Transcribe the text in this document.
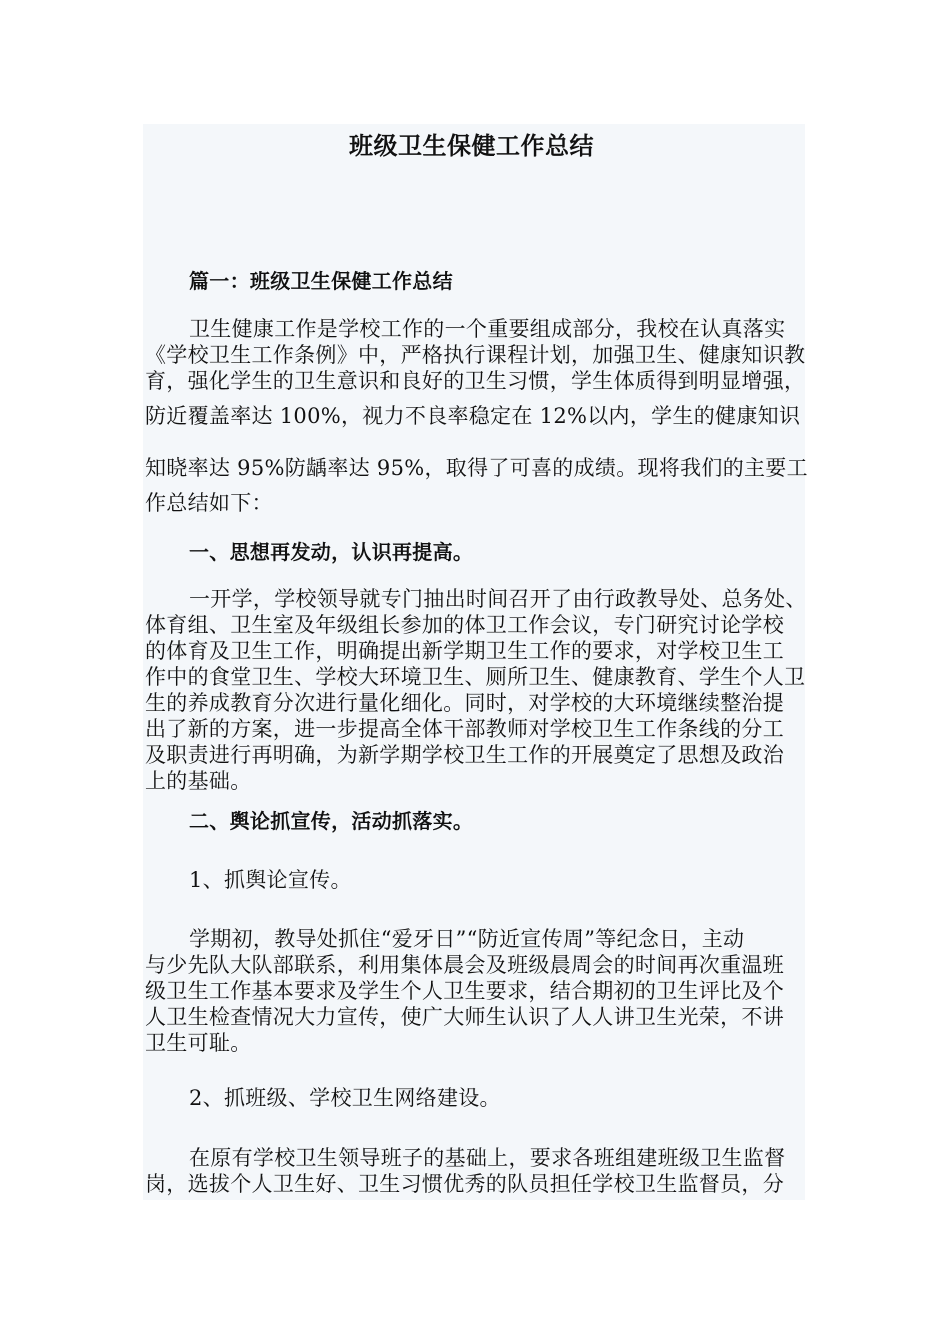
班级卫生保健工作总结
篇一：班级卫生保健工作总结
卫生健康工作是学校工作的一个重要组成部分，我校在认真落实
《学校卫生工作条例》中，严格执行课程计划，加强卫生、健康知识教
育，强化学生的卫生意识和良好的卫生习惯，学生体质得到明显增强，
防近覆盖率达 100%，视力不良率稳定在 12%以内，学生的健康知识
知晓率达 95%防龋率达 95%，取得了可喜的成绩。现将我们的主要工
作总结如下：
一、思想再发动，认识再提高。
一开学，学校领导就专门抽出时间召开了由行政教导处、总务处、
体育组、卫生室及年级组长参加的体卫工作会议，专门研究讨论学校
的体育及卫生工作，明确提出新学期卫生工作的要求，对学校卫生工
作中的食堂卫生、学校大环境卫生、厕所卫生、健康教育、学生个人卫
生的养成教育分次进行量化细化。同时，对学校的大环境继续整治提
出了新的方案，进一步提高全体干部教师对学校卫生工作条线的分工
及职责进行再明确，为新学期学校卫生工作的开展奠定了思想及政治
上的基础。
二、舆论抓宣传，活动抓落实。
1、抓舆论宣传。
学期初，教导处抓住“爱牙日”“防近宣传周”等纪念日，主动
与少先队大队部联系，利用集体晨会及班级晨周会的时间再次重温班
级卫生工作基本要求及学生个人卫生要求，结合期初的卫生评比及个
人卫生检查情况大力宣传，使广大师生认识了人人讲卫生光荣，不讲
卫生可耻。
2、抓班级、学校卫生网络建设。
在原有学校卫生领导班子的基础上，要求各班组建班级卫生监督
岗，选拔个人卫生好、卫生习惯优秀的队员担任学校卫生监督员，分
